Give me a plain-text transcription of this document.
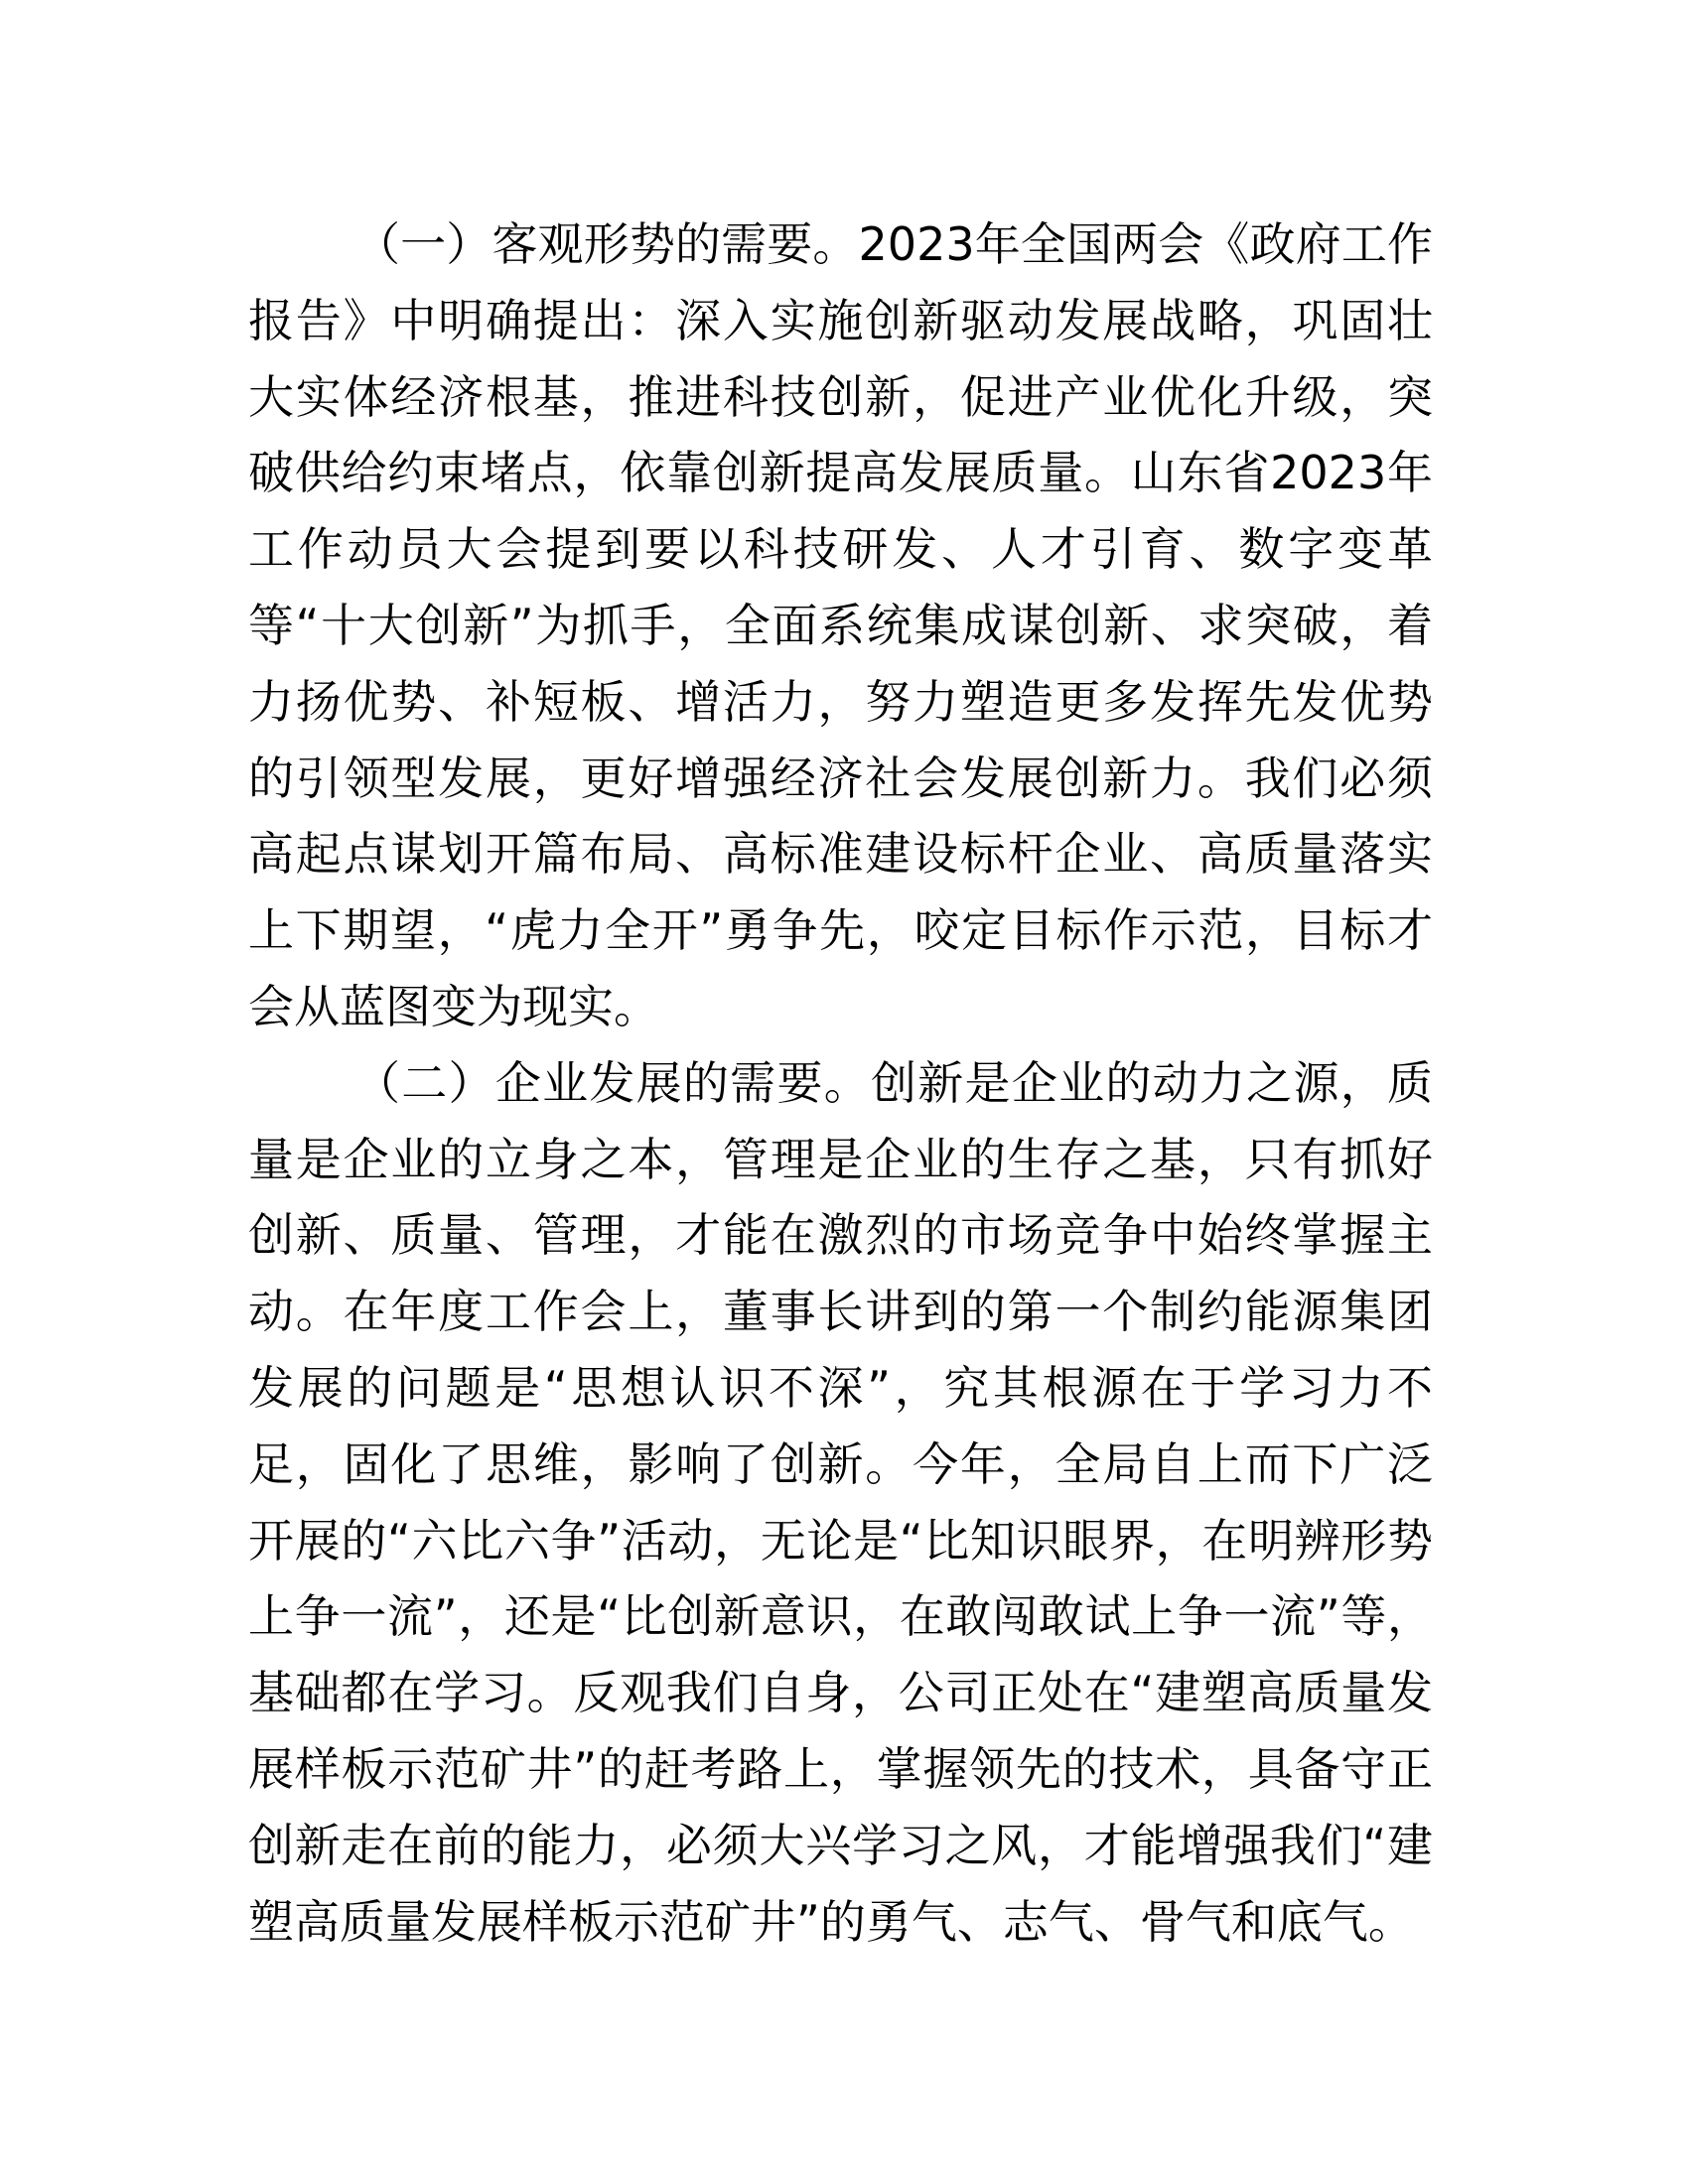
（一）客观形势的需要。2023年全国两会《政府工作报告》中明确提出：深入实施创新驱动发展战略，巩固壮大实体经济根基，推进科技创新，促进产业优化升级，突破供给约束堵点，依靠创新提高发展质量。山东省2023年工作动员大会提到要以科技研发、人才引育、数字变革等“十大创新”为抓手，全面系统集成谋创新、求突破，着力扬优势、补短板、增活力，努力塑造更多发挥先发优势的引领型发展，更好增强经济社会发展创新力。我们必须高起点谋划开篇布局、高标准建设标杆企业、高质量落实上下期望，“虎力全开”勇争先，咬定目标作示范，目标才会从蓝图变为现实。

（二）企业发展的需要。创新是企业的动力之源，质量是企业的立身之本，管理是企业的生存之基，只有抓好创新、质量、管理，才能在激烈的市场竞争中始终掌握主动。在年度工作会上，董事长讲到的第一个制约能源集团发展的问题是“思想认识不深”，究其根源在于学习力不足，固化了思维，影响了创新。今年，全局自上而下广泛开展的“六比六争”活动，无论是“比知识眼界，在明辨形势上争一流”，还是“比创新意识，在敢闯敢试上争一流”等，基础都在学习。反观我们自身，公司正处在“建塑高质量发展样板示范矿井”的赶考路上，掌握领先的技术，具备守正创新走在前的能力，必须大兴学习之风，才能增强我们“建塑高质量发展样板示范矿井”的勇气、志气、骨气和底气。
